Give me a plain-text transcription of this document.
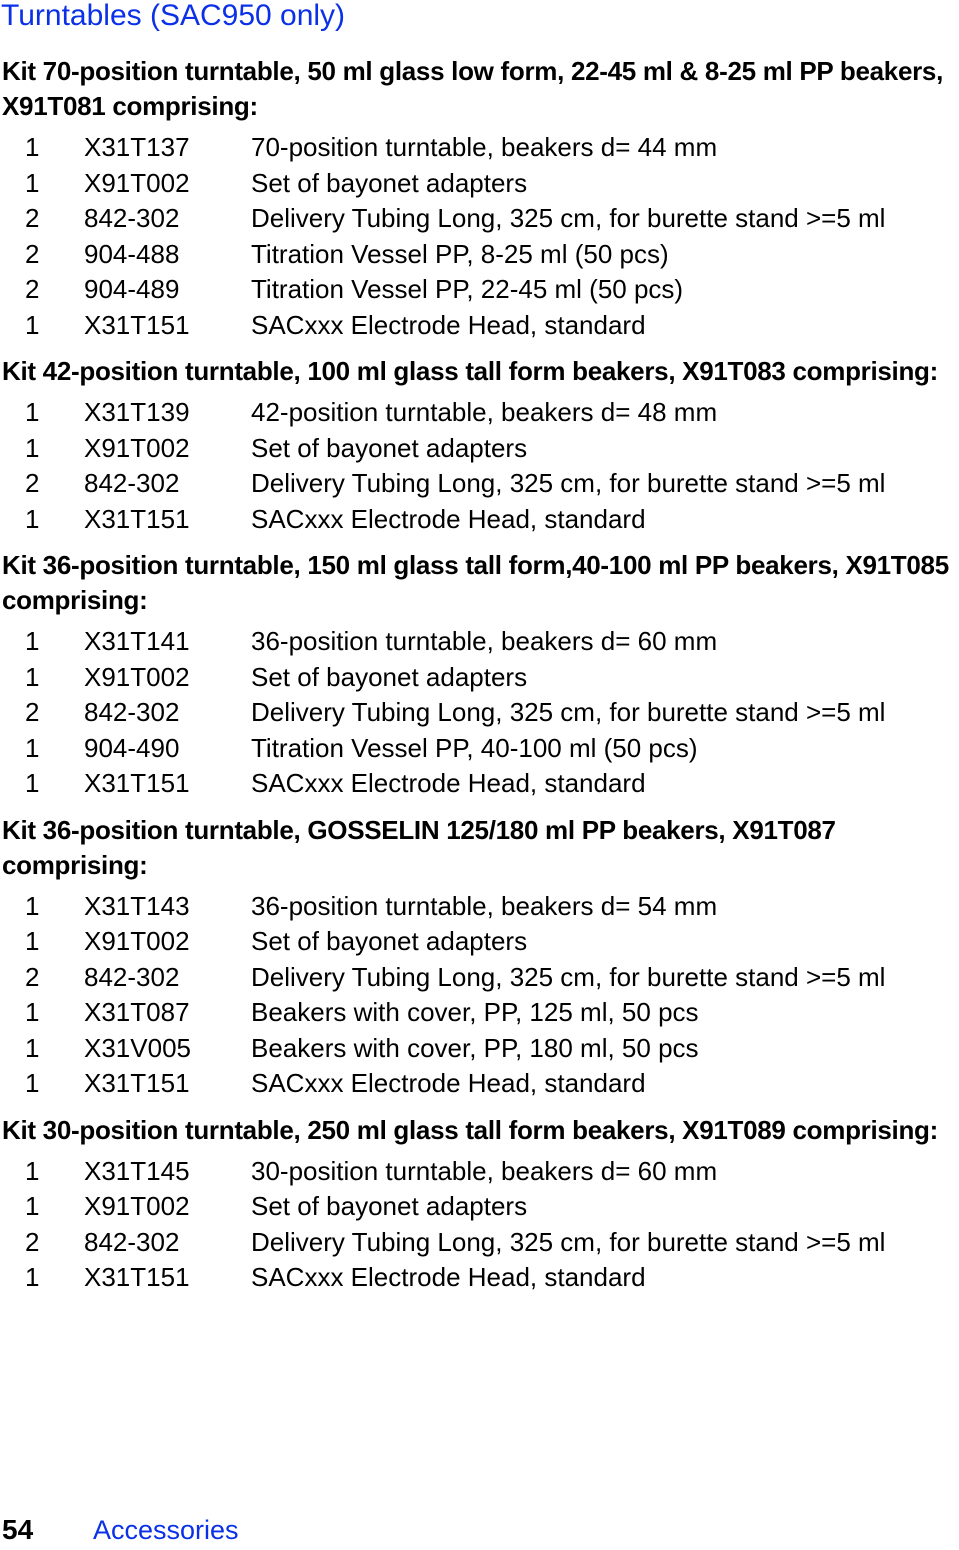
Turntables (SAC950 only)
Kit 70-position turntable, 50 ml glass low form, 22-45 ml & 8-25 ml PP beakers, X91T081 comprising:
1	X31T137	70-position turntable, beakers d= 44 mm
1	X91T002	Set of bayonet adapters
2	842-302	Delivery Tubing Long, 325 cm, for burette stand >=5 ml
2	904-488	Titration Vessel PP, 8-25 ml (50 pcs)
2	904-489	Titration Vessel PP, 22-45 ml (50 pcs)
1	X31T151	SACxxx Electrode Head, standard
Kit 42-position turntable, 100 ml glass tall form beakers, X91T083 comprising:
1	X31T139	42-position turntable, beakers d= 48 mm
1	X91T002	Set of bayonet adapters
2	842-302	Delivery Tubing Long, 325 cm, for burette stand >=5 ml
1	X31T151	SACxxx Electrode Head, standard
Kit 36-position turntable, 150 ml glass tall form,40-100 ml PP beakers, X91T085 comprising:
1	X31T141	36-position turntable, beakers d= 60 mm
1	X91T002	Set of bayonet adapters
2	842-302	Delivery Tubing Long, 325 cm, for burette stand >=5 ml
1	904-490	Titration Vessel PP, 40-100 ml (50 pcs)
1	X31T151	SACxxx Electrode Head, standard
Kit 36-position turntable, GOSSELIN 125/180 ml PP beakers, X91T087 comprising:
1	X31T143	36-position turntable, beakers d= 54 mm
1	X91T002	Set of bayonet adapters
2	842-302	Delivery Tubing Long, 325 cm, for burette stand >=5 ml
1	X31T087	Beakers with cover, PP, 125 ml, 50 pcs
1	X31V005	Beakers with cover, PP, 180 ml, 50 pcs
1	X31T151	SACxxx Electrode Head, standard
Kit 30-position turntable, 250 ml glass tall form beakers, X91T089 comprising:
1	X31T145	30-position turntable, beakers d= 60 mm
1	X91T002	Set of bayonet adapters
2	842-302	Delivery Tubing Long, 325 cm, for burette stand >=5 ml
1	X31T151	SACxxx Electrode Head, standard
54	Accessories
